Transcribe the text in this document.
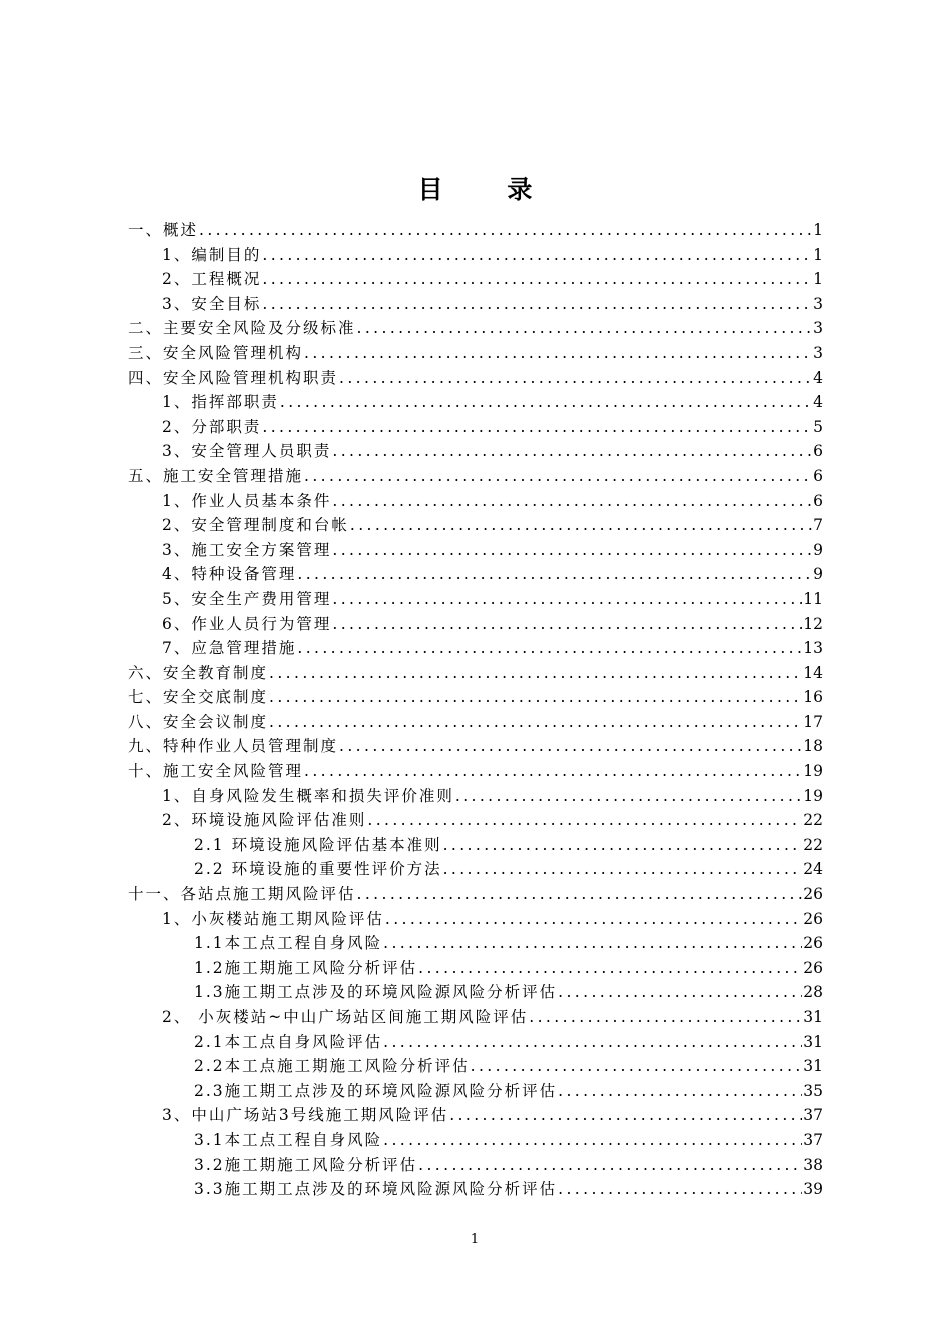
目 录
一、概述 .....	1
1、编制目的 .....	1
2、工程概况 .....	1
3、安全目标 .....	3
二、主要安全风险及分级标准 .....	3
三、安全风险管理机构 .....	3
四、安全风险管理机构职责 .....	4
1、指挥部职责 .....	4
2、分部职责 .....	5
3、安全管理人员职责 .....	6
五、施工安全管理措施 .....	6
1、作业人员基本条件 .....	6
2、安全管理制度和台帐 .....	7
3、施工安全方案管理 .....	9
4、特种设备管理 .....	9
5、安全生产费用管理 .....	11
6、作业人员行为管理 .....	12
7、应急管理措施 .....	13
六、安全教育制度 .....	14
七、安全交底制度 .....	16
八、安全会议制度 .....	17
九、特种作业人员管理制度 .....	18
十、施工安全风险管理 .....	19
1、自身风险发生概率和损失评价准则 .....	19
2、环境设施风险评估准则 .....	22
2.1 环境设施风险评估基本准则 .....	22
2.2 环境设施的重要性评价方法 .....	24
十一、各站点施工期风险评估 .....	26
1、小灰楼站施工期风险评估 .....	26
1.1本工点工程自身风险 .....	26
1.2施工期施工风险分析评估 .....	26
1.3施工期工点涉及的环境风险源风险分析评估 .....	28
2、 小灰楼站~中山广场站区间施工期风险评估 .....	31
2.1本工点自身风险评估 .....	31
2.2本工点施工期施工风险分析评估 .....	31
2.3施工期工点涉及的环境风险源风险分析评估 .....	35
3、中山广场站3号线施工期风险评估 .....	37
3.1本工点工程自身风险 .....	37
3.2施工期施工风险分析评估 .....	38
3.3施工期工点涉及的环境风险源风险分析评估 .....	39
1
